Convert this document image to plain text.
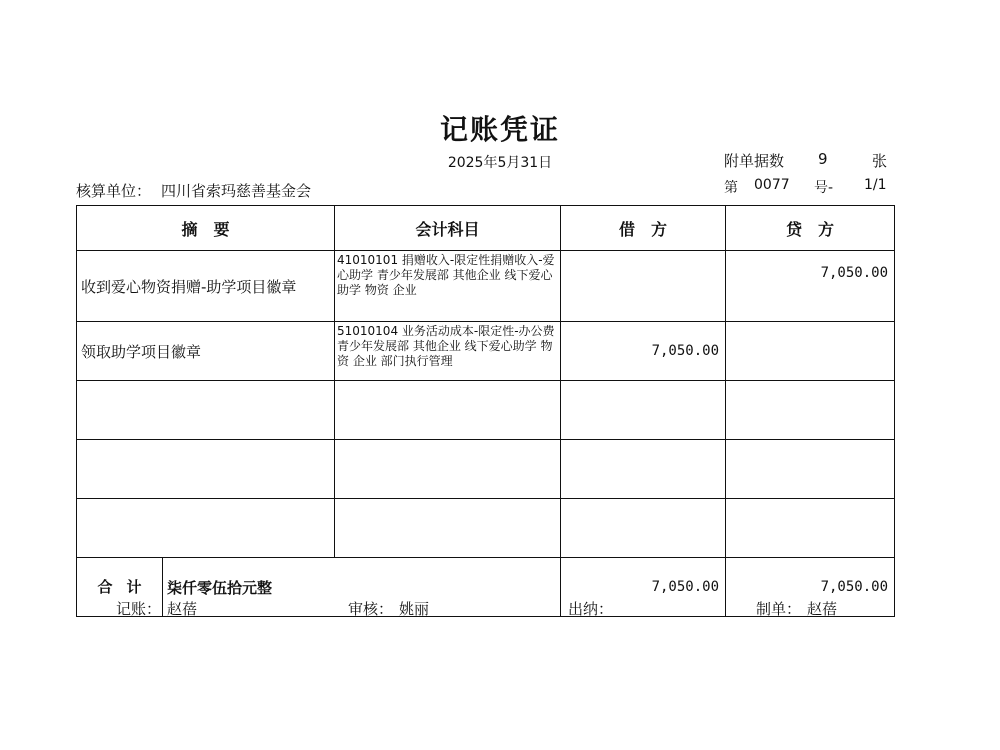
记账凭证
2025年5月31日	附单据数 9	张
核算单位： 四川省索玛慈善基金会	第 0077 号- 1/1
摘　要	会计科目	借　方	贷　方
收到爱心物资捐赠-助学项目徽章	41010101 捐赠收入-限定性捐赠收入-爱心助学 青少年发展部 其他企业 线下爱心助学 物资 企业		7,050.00
领取助学项目徽章	51010104 业务活动成本-限定性-办公费 青少年发展部 其他企业 线下爱心助学 物资 企业 部门执行管理	7,050.00	

合计 柒仟零伍拾元整		7,050.00	7,050.00
记账： 赵蓓	审核： 姚丽	出纳：	制单： 赵蓓
